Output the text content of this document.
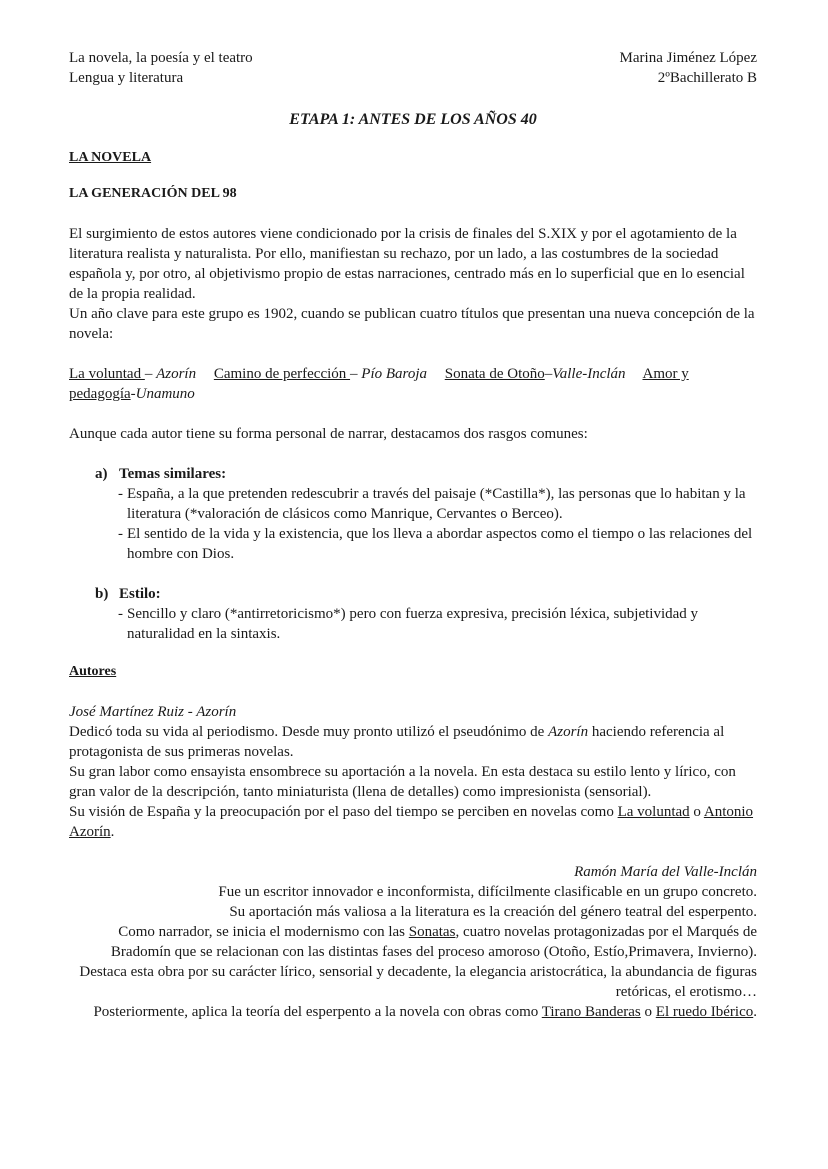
La novela, la poesía y el teatro
Lengua y literatura
Marina Jiménez López
2ºBachillerato B
ETAPA 1: ANTES DE LOS AÑOS 40
LA NOVELA
LA GENERACIÓN DEL 98

El surgimiento de estos autores viene condicionado por la crisis de finales del S.XIX y por el agotamiento de la literatura realista y naturalista. Por ello, manifiestan su rechazo, por un lado, a las costumbres de la sociedad española y, por otro, al objetivismo propio de estas narraciones, centrado más en lo superficial que en lo esencial de la propia realidad.

Un año clave para este grupo es 1902, cuando se publican cuatro títulos que presentan una nueva concepción de la novela:

La voluntad – Azorín Camino de perfección – Pío Baroja Sonata de Otoño–Valle-Inclán Amor y pedagogía-Unamuno

Aunque cada autor tiene su forma personal de narrar, destacamos dos rasgos comunes:

a) Temas similares:
- España, a la que pretenden redescubrir a través del paisaje (*Castilla*), las personas que lo habitan y la literatura (*valoración de clásicos como Manrique, Cervantes o Berceo).
- El sentido de la vida y la existencia, que los lleva a abordar aspectos como el tiempo o las relaciones del hombre con Dios.
b) Estilo:
- Sencillo y claro (*antirretoricismo*) pero con fuerza expresiva, precisión léxica, subjetividad y naturalidad en la sintaxis.
Autores

José Martínez Ruiz - Azorín

Dedicó toda su vida al periodismo. Desde muy pronto utilizó el pseudónimo de Azorín haciendo referencia al protagonista de sus primeras novelas.

Su gran labor como ensayista ensombrece su aportación a la novela. En esta destaca su estilo lento y lírico, con gran valor de la descripción, tanto miniaturista (llena de detalles) como impresionista (sensorial).

Su visión de España y la preocupación por el paso del tiempo se perciben en novelas como La voluntad o Antonio Azorín.

Ramón María del Valle-Inclán

Fue un escritor innovador e inconformista, difícilmente clasificable en un grupo concreto.

Su aportación más valiosa a la literatura es la creación del género teatral del esperpento.

Como narrador, se inicia el modernismo con las Sonatas, cuatro novelas protagonizadas por el Marqués de Bradomín que se relacionan con las distintas fases del proceso amoroso (Otoño, Estío,Primavera, Invierno). Destaca esta obra por su carácter lírico, sensorial y decadente, la elegancia aristocrática, la abundancia de figuras retóricas, el erotismo…

Posteriormente, aplica la teoría del esperpento a la novela con obras como Tirano Banderas o El ruedo Ibérico.
